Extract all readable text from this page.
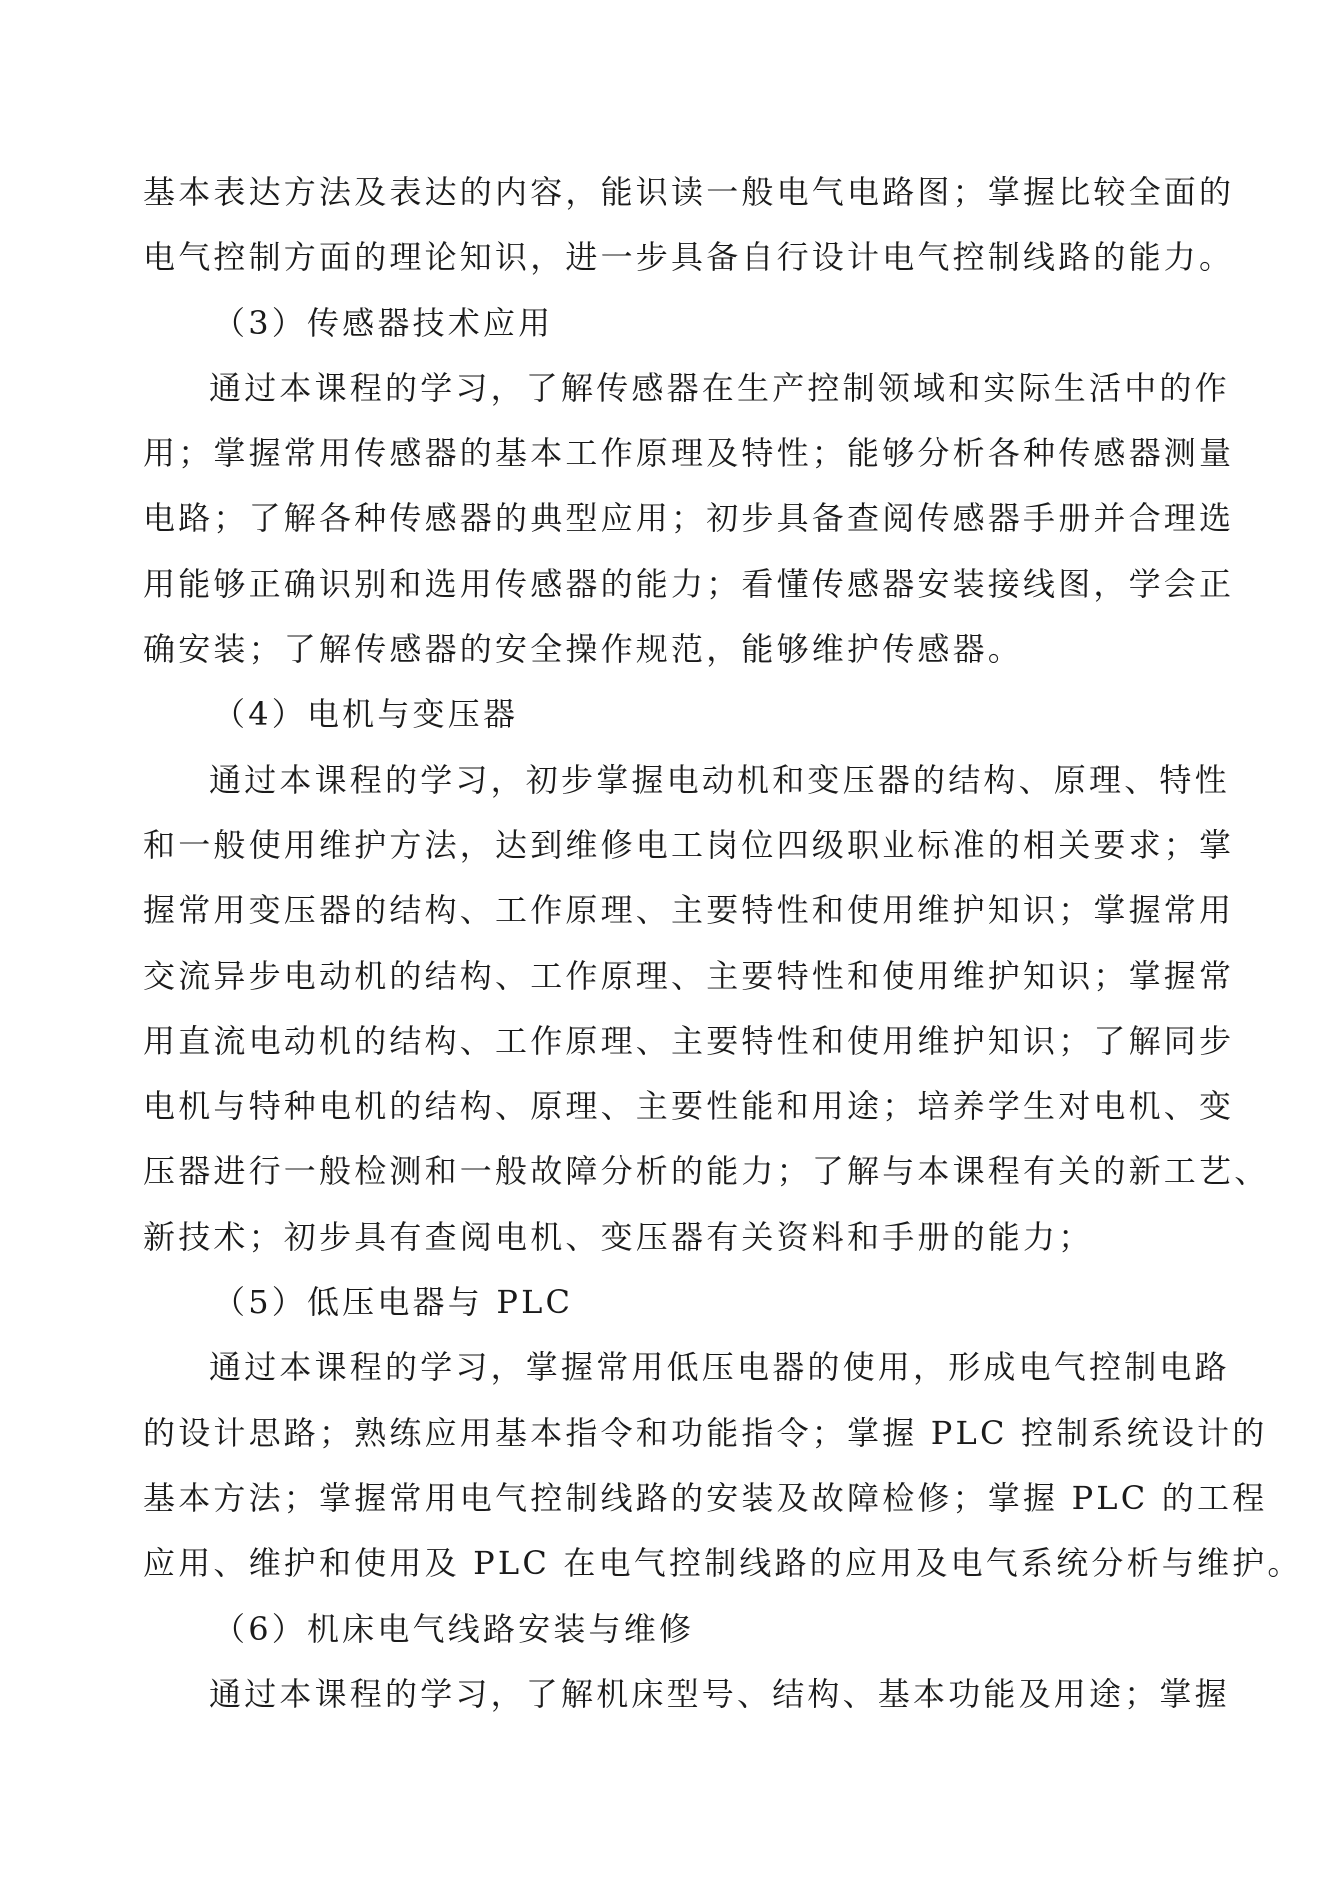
基本表达方法及表达的内容，能识读一般电气电路图；掌握比较全面的
电气控制方面的理论知识，进一步具备自行设计电气控制线路的能力。
（3）传感器技术应用
通过本课程的学习，了解传感器在生产控制领域和实际生活中的作
用；掌握常用传感器的基本工作原理及特性；能够分析各种传感器测量
电路；了解各种传感器的典型应用；初步具备查阅传感器手册并合理选
用能够正确识别和选用传感器的能力；看懂传感器安装接线图，学会正
确安装；了解传感器的安全操作规范，能够维护传感器。
（4）电机与变压器
通过本课程的学习，初步掌握电动机和变压器的结构、原理、特性
和一般使用维护方法，达到维修电工岗位四级职业标准的相关要求；掌
握常用变压器的结构、工作原理、主要特性和使用维护知识；掌握常用
交流异步电动机的结构、工作原理、主要特性和使用维护知识；掌握常
用直流电动机的结构、工作原理、主要特性和使用维护知识；了解同步
电机与特种电机的结构、原理、主要性能和用途；培养学生对电机、变
压器进行一般检测和一般故障分析的能力；了解与本课程有关的新工艺、
新技术；初步具有查阅电机、变压器有关资料和手册的能力；
（5）低压电器与 PLC
通过本课程的学习，掌握常用低压电器的使用，形成电气控制电路
的设计思路；熟练应用基本指令和功能指令；掌握 PLC 控制系统设计的
基本方法；掌握常用电气控制线路的安装及故障检修；掌握 PLC 的工程
应用、维护和使用及 PLC 在电气控制线路的应用及电气系统分析与维护。
（6）机床电气线路安装与维修
通过本课程的学习，了解机床型号、结构、基本功能及用途；掌握
